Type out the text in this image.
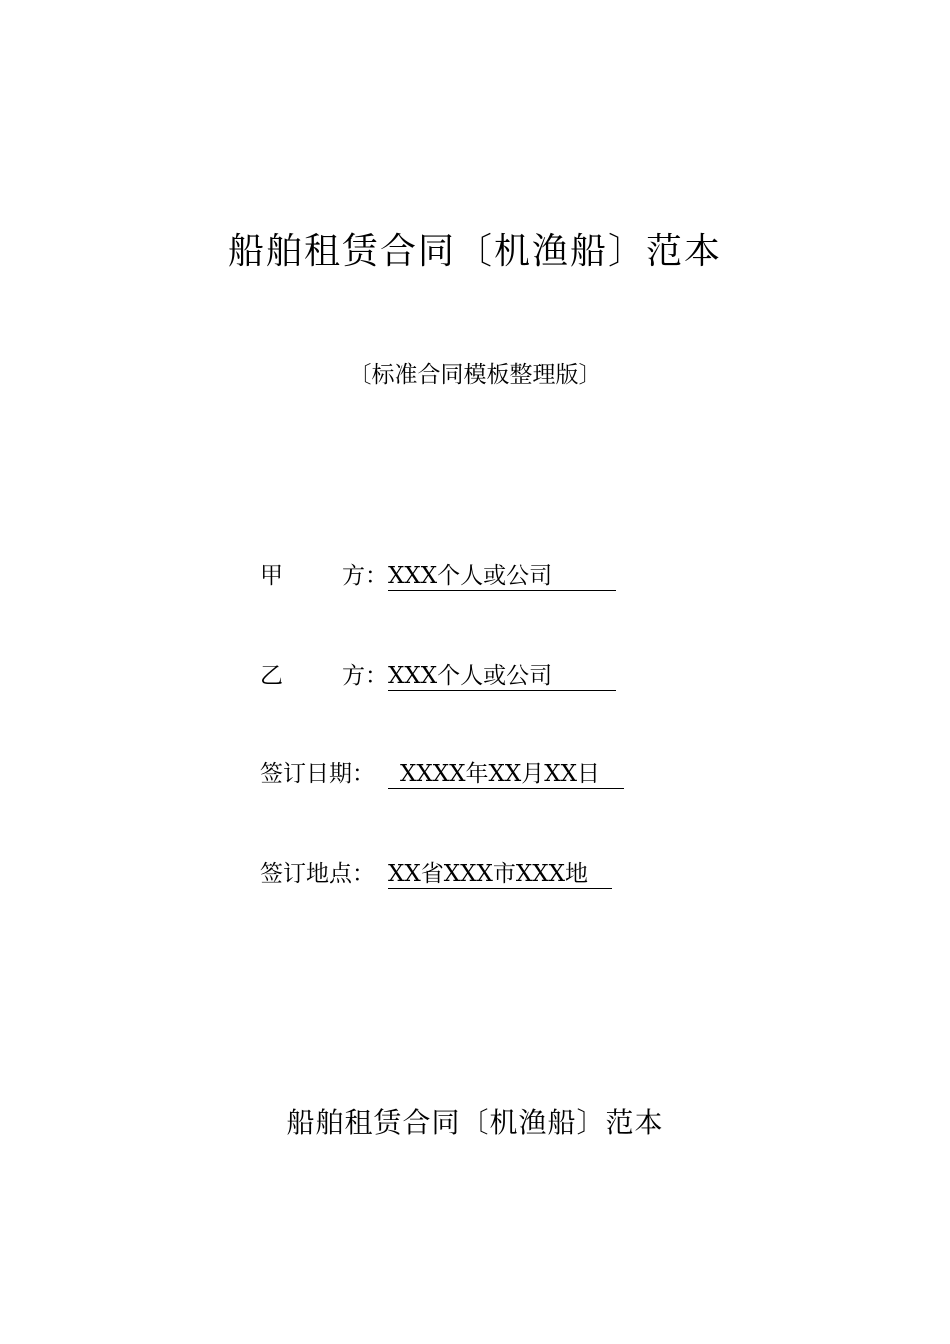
船舶租赁合同〔机渔船〕范本
〔标准合同模板整理版〕
甲	方： XXX个人或公司
乙	方： XXX个人或公司
签订日期：	XXXX年XX月XX日
签订地点： XX省XXX市XXX地
船舶租赁合同〔机渔船〕范本
